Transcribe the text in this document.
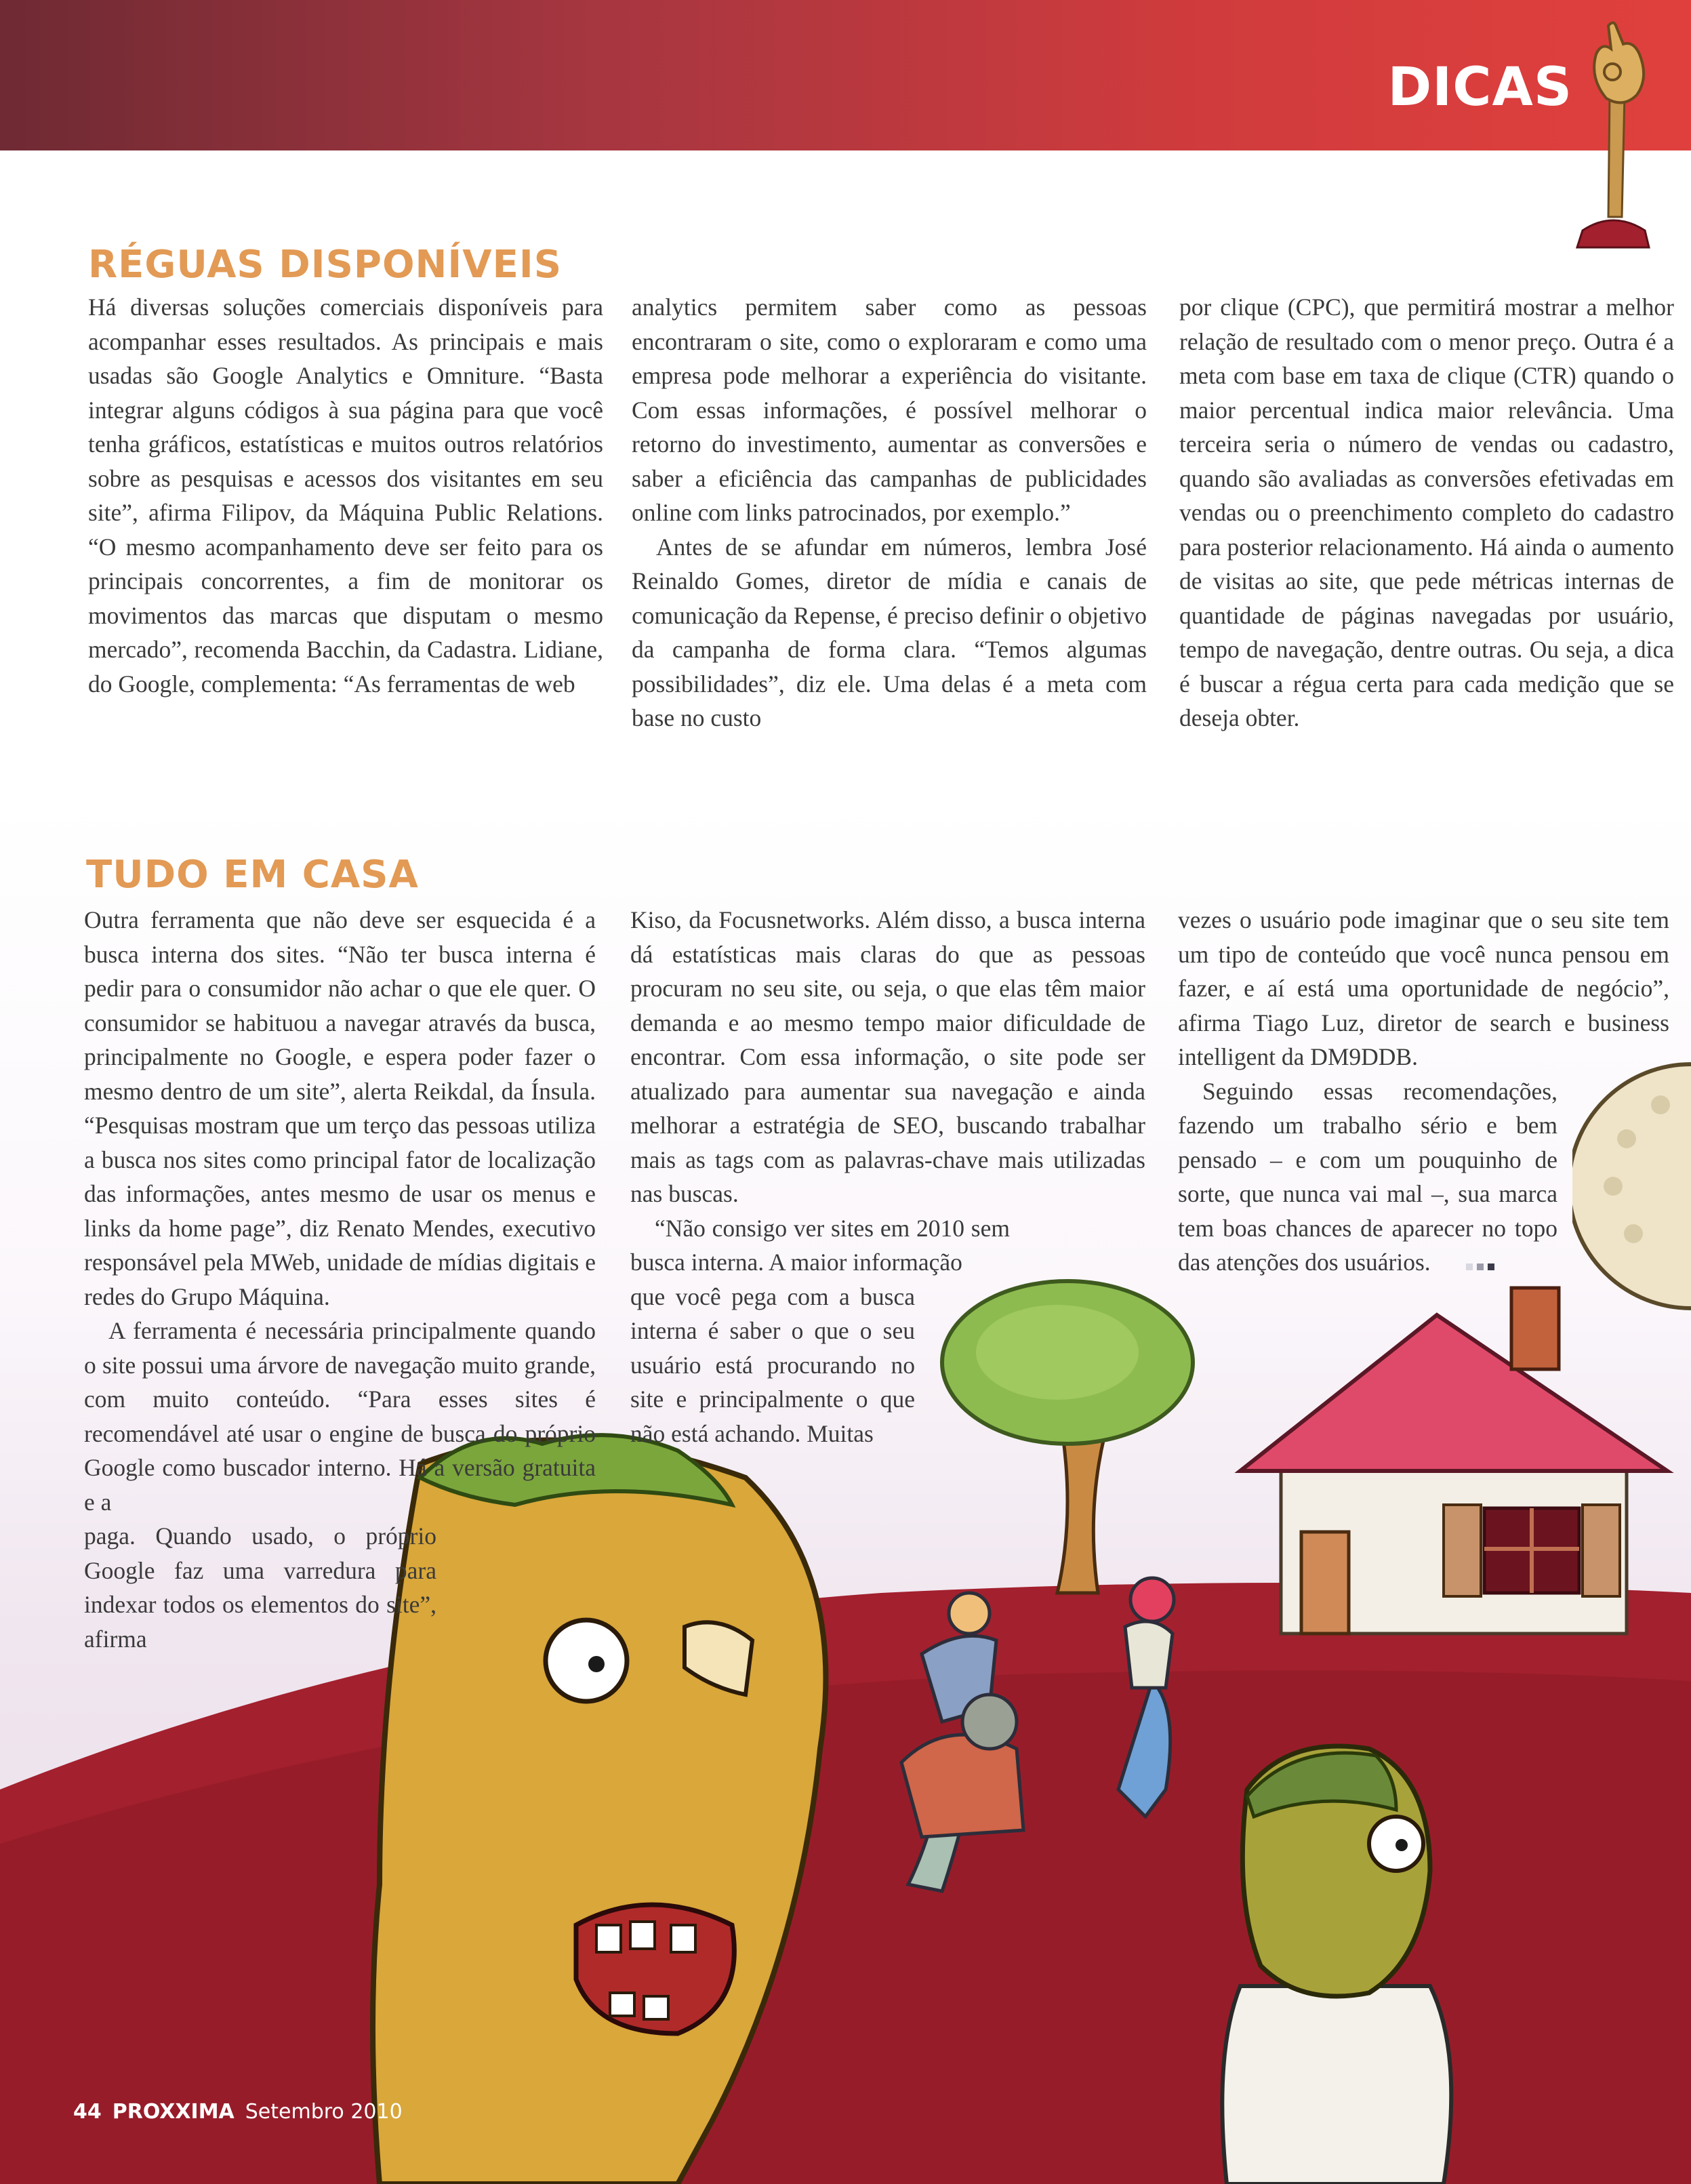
DICAS
RÉGUAS DISPONÍVEIS

Há diversas soluções comerciais disponíveis para acompanhar esses resultados. As principais e mais usadas são Google Analytics e Omniture. “Basta integrar alguns códigos à sua página para que você tenha gráficos, estatísticas e muitos outros relatórios sobre as pesquisas e acessos dos visitantes em seu site”, afirma Filipov, da Máquina Public Relations. “O mesmo acompanhamento deve ser feito para os principais concorrentes, a fim de monitorar os movimentos das marcas que disputam o mesmo mercado”, recomenda Bacchin, da Cadastra. Lidiane, do Google, complementa: “As ferramentas de web

analytics permitem saber como as pessoas encontraram o site, como o exploraram e como uma empresa pode melhorar a experiência do visitante. Com essas informações, é possível melhorar o retorno do investimento, aumentar as conversões e saber a eficiência das campanhas de publicidades online com links patrocinados, por exemplo.”

Antes de se afundar em números, lembra José Reinaldo Gomes, diretor de mídia e canais de comunicação da Repense, é preciso definir o objetivo da campanha de forma clara. “Temos algumas possibilidades”, diz ele. Uma delas é a meta com base no custo

por clique (CPC), que permitirá mostrar a melhor relação de resultado com o menor preço. Outra é a meta com base em taxa de clique (CTR) quando o maior percentual indica maior relevância. Uma terceira seria o número de vendas ou cadastro, quando são avaliadas as conversões efetivadas em vendas ou o preenchimento completo do cadastro para posterior relacionamento. Há ainda o aumento de visitas ao site, que pede métricas internas de quantidade de páginas navegadas por usuário, tempo de navegação, dentre outras. Ou seja, a dica é buscar a régua certa para cada medição que se deseja obter.

TUDO EM CASA

Outra ferramenta que não deve ser esquecida é a busca interna dos sites. “Não ter busca interna é pedir para o consumidor não achar o que ele quer. O consumidor se habituou a navegar através da busca, principalmente no Google, e espera poder fazer o mesmo dentro de um site”, alerta Reikdal, da Ínsula. “Pesquisas mostram que um terço das pessoas utiliza a busca nos sites como principal fator de localização das informações, antes mesmo de usar os menus e links da home page”, diz Renato Mendes, executivo responsável pela MWeb, unidade de mídias digitais e redes do Grupo Máquina.

A ferramenta é necessária principalmente quando o site possui uma árvore de navegação muito grande, com muito conteúdo. “Para esses sites é recomendável até usar o engine de busca do próprio Google como buscador interno. Há a versão gratuita e a

paga. Quando usado, o próprio Google faz uma varredura para indexar todos os elementos do site”, afirma

Kiso, da Focusnetworks. Além disso, a busca interna dá estatísticas mais claras do que as pessoas procuram no seu site, ou seja, o que elas têm maior demanda e ao mesmo tempo maior dificuldade de encontrar. Com essa informação, o site pode ser atualizado para aumentar sua navegação e ainda melhorar a estratégia de SEO, buscando trabalhar mais as tags com as palavras-chave mais utilizadas nas buscas.

“Não consigo ver sites em 2010 sem busca interna. A maior informação

que você pega com a busca interna é saber o que o seu usuário está procurando no site e principalmente o que não está achando. Muitas

vezes o usuário pode imaginar que o seu site tem um tipo de conteúdo que você nunca pensou em fazer, e aí está uma oportunidade de negócio”, afirma Tiago Luz, diretor de search e business intelligent da DM9DDB.

Seguindo essas recomendações, fazendo um trabalho sério e bem pensado – e com um pouquinho de sorte, que nunca vai mal –, sua marca tem boas chances de aparecer no topo das atenções dos usuários.

44 PROXXIMA Setembro 2010
